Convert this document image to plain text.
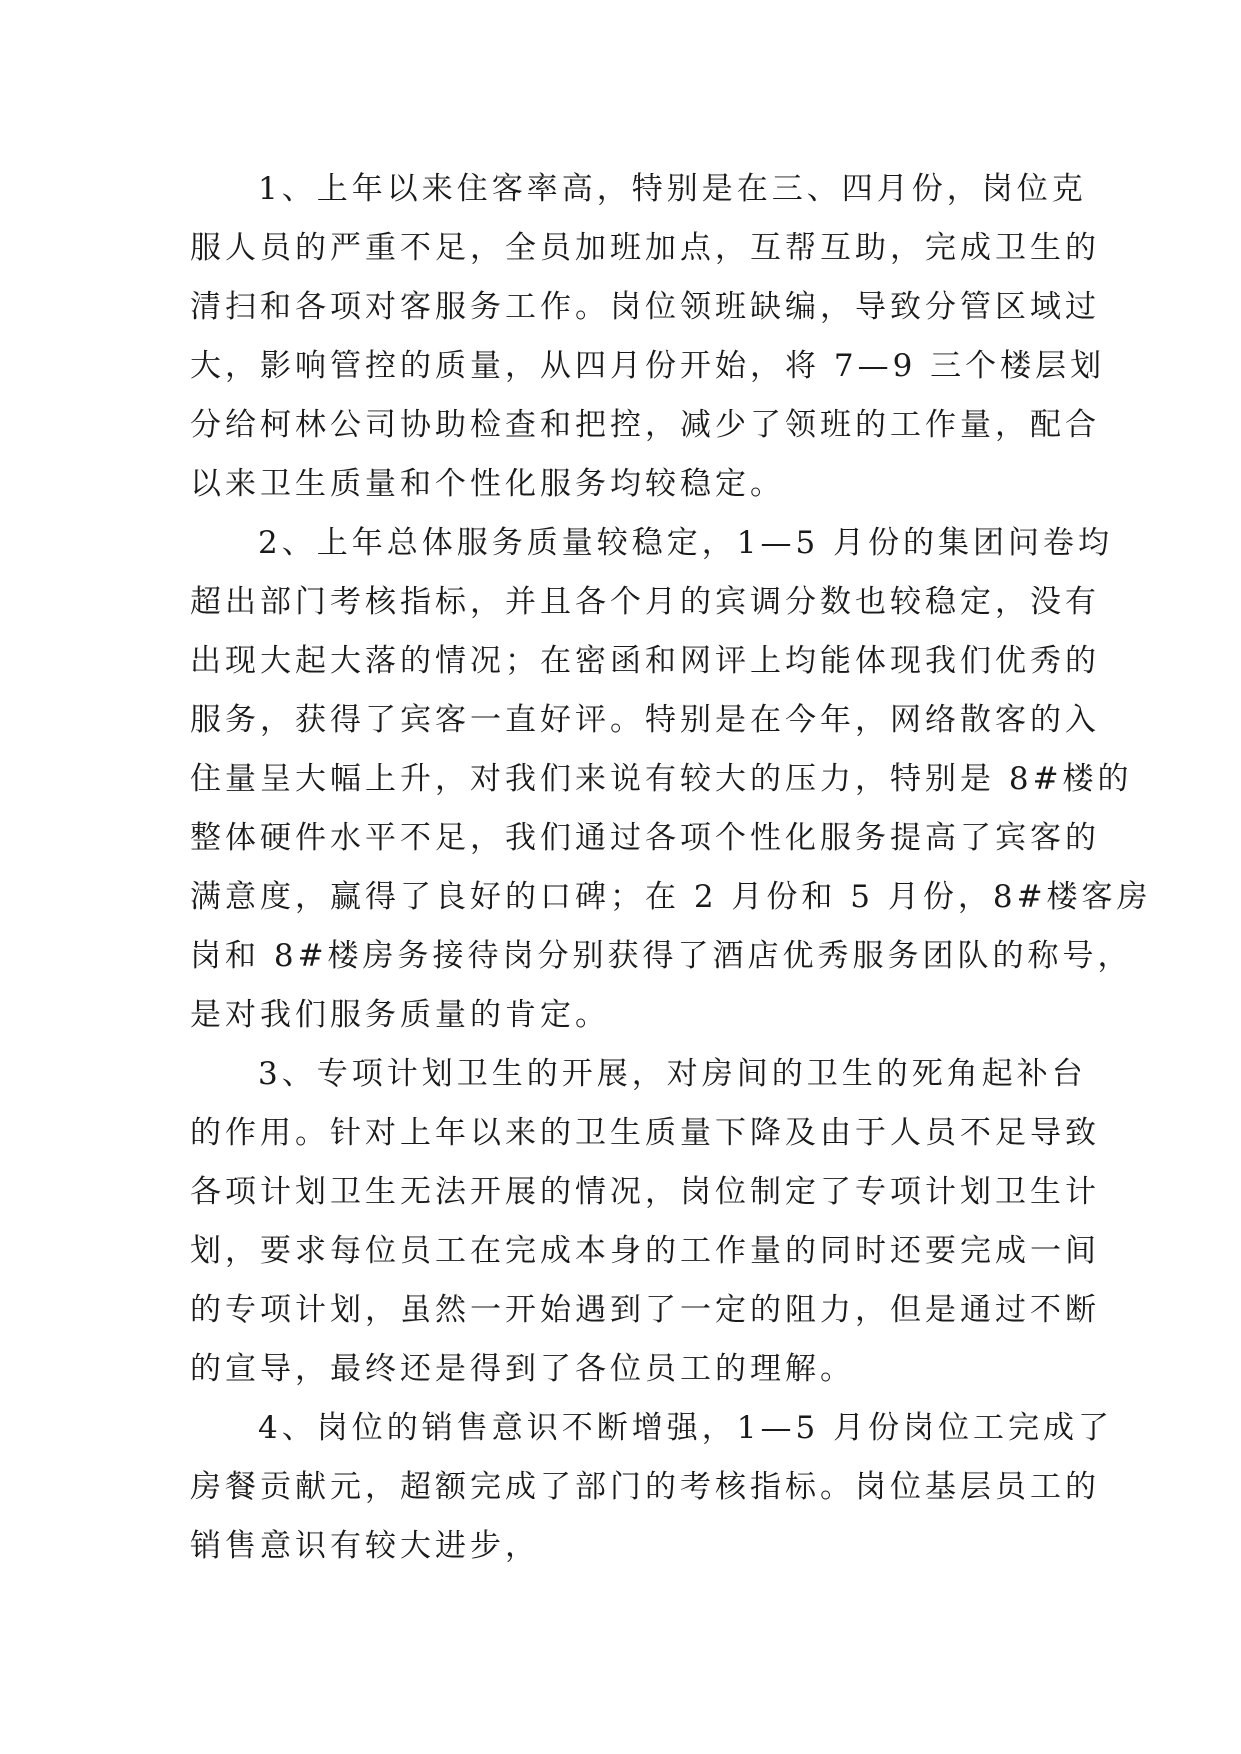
1、上年以来住客率高，特别是在三、四月份，岗位克
服人员的严重不足，全员加班加点，互帮互助，完成卫生的
清扫和各项对客服务工作。岗位领班缺编，导致分管区域过
大，影响管控的质量，从四月份开始，将 7—9 三个楼层划
分给柯林公司协助检查和把控，减少了领班的工作量，配合
以来卫生质量和个性化服务均较稳定。
2、上年总体服务质量较稳定，1—5 月份的集团问卷均
超出部门考核指标，并且各个月的宾调分数也较稳定，没有
出现大起大落的情况；在密函和网评上均能体现我们优秀的
服务，获得了宾客一直好评。特别是在今年，网络散客的入
住量呈大幅上升，对我们来说有较大的压力，特别是 8#楼的
整体硬件水平不足，我们通过各项个性化服务提高了宾客的
满意度，赢得了良好的口碑；在 2 月份和 5 月份，8#楼客房
岗和 8#楼房务接待岗分别获得了酒店优秀服务团队的称号，
是对我们服务质量的肯定。
3、专项计划卫生的开展，对房间的卫生的死角起补台
的作用。针对上年以来的卫生质量下降及由于人员不足导致
各项计划卫生无法开展的情况，岗位制定了专项计划卫生计
划，要求每位员工在完成本身的工作量的同时还要完成一间
的专项计划，虽然一开始遇到了一定的阻力，但是通过不断
的宣导，最终还是得到了各位员工的理解。
4、岗位的销售意识不断增强，1—5 月份岗位工完成了
房餐贡献元，超额完成了部门的考核指标。岗位基层员工的
销售意识有较大进步，
